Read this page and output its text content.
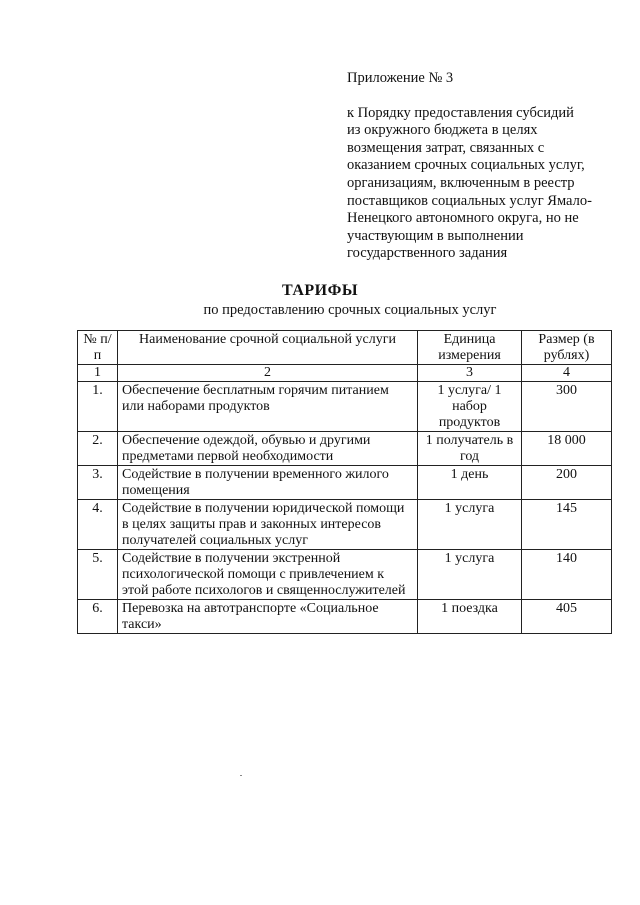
Приложение № 3
к Порядку предоставления субсидий
из окружного бюджета в целях
возмещения затрат, связанных с
оказанием срочных социальных услуг,
организациям, включенным в реестр
поставщиков социальных услуг Ямало-
Ненецкого автономного округа, но не
участвующим в выполнении
государственного задания
ТАРИФЫ
по предоставлению срочных социальных услуг
№ п/п	Наименование срочной социальной услуги	Единица измерения	Размер (в рублях)
1	2	3	4
1.	Обеспечение бесплатным горячим питанием или наборами продуктов	1 услуга/ 1 набор продуктов	300
2.	Обеспечение одеждой, обувью и другими предметами первой необходимости	1 получатель в год	18 000
3.	Содействие в получении временного жилого помещения	1 день	200
4.	Содействие в получении юридической помощи в целях защиты прав и законных интересов получателей социальных услуг	1 услуга	145
5.	Содействие в получении экстренной психологической помощи с привлечением к этой работе психологов и священнослужителей	1 услуга	140
6.	Перевозка на автотранспорте «Социальное такси»	1 поездка	405
